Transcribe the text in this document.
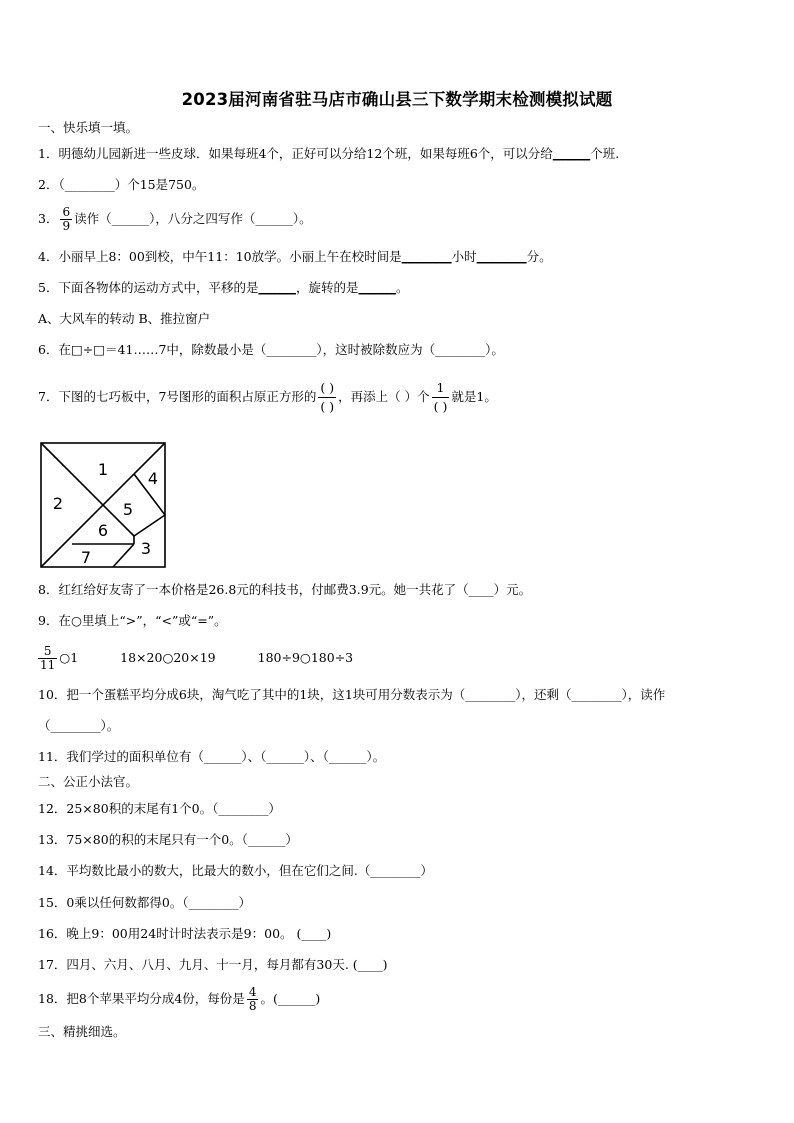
2023届河南省驻马店市确山县三下数学期末检测模拟试题
一、快乐填一填。
1．明德幼儿园新进一些皮球．如果每班4个，正好可以分给12个班，如果每班6个，可以分给______个班.
2．（________）个15是750。
3． $\frac{6}{9}$ 读作（______），八分之四写作（______）。
4．小丽早上8：00到校，中午11：10放学。小丽上午在校时间是________小时________分。
5．下面各物体的运动方式中，平移的是______，旋转的是______。
A、大风车的转动 B、推拉窗户
6．在□÷□＝41……7中，除数最小是（________），这时被除数应为（________）。
7．下图的七巧板中，7号图形的面积占原正方形的 $\frac{( )}{( )}$ ，再添上（ ）个 $\frac{1}{( )}$ 就是1。
1
2
3
4
5
6
7
8．红红给好友寄了一本价格是26.8元的科技书，付邮费3.9元。她一共花了（____）元。
9．在○里填上“>”，“<”或“=”。
$\frac{5}{11}$ ○1	18×20○20×19	180÷9○180÷3
10．把一个蛋糕平均分成6块，淘气吃了其中的1块，这1块可用分数表示为（________），还剩（________），读作
（________）。
11．我们学过的面积单位有（______）、（______）、（______）。
二、公正小法官。
12．25×80积的末尾有1个0。（________）
13．75×80的积的末尾只有一个0。（______）
14．平均数比最小的数大，比最大的数小，但在它们之间.（________）
15．0乘以任何数都得0。（________）
16．晚上9：00用24时计时法表示是9：00。 (____)
17．四月、六月、八月、九月、十一月，每月都有30天. (____)
18．把8个苹果平均分成4份，每份是 $\frac{4}{8}$ 。(______)
三、精挑细选。
